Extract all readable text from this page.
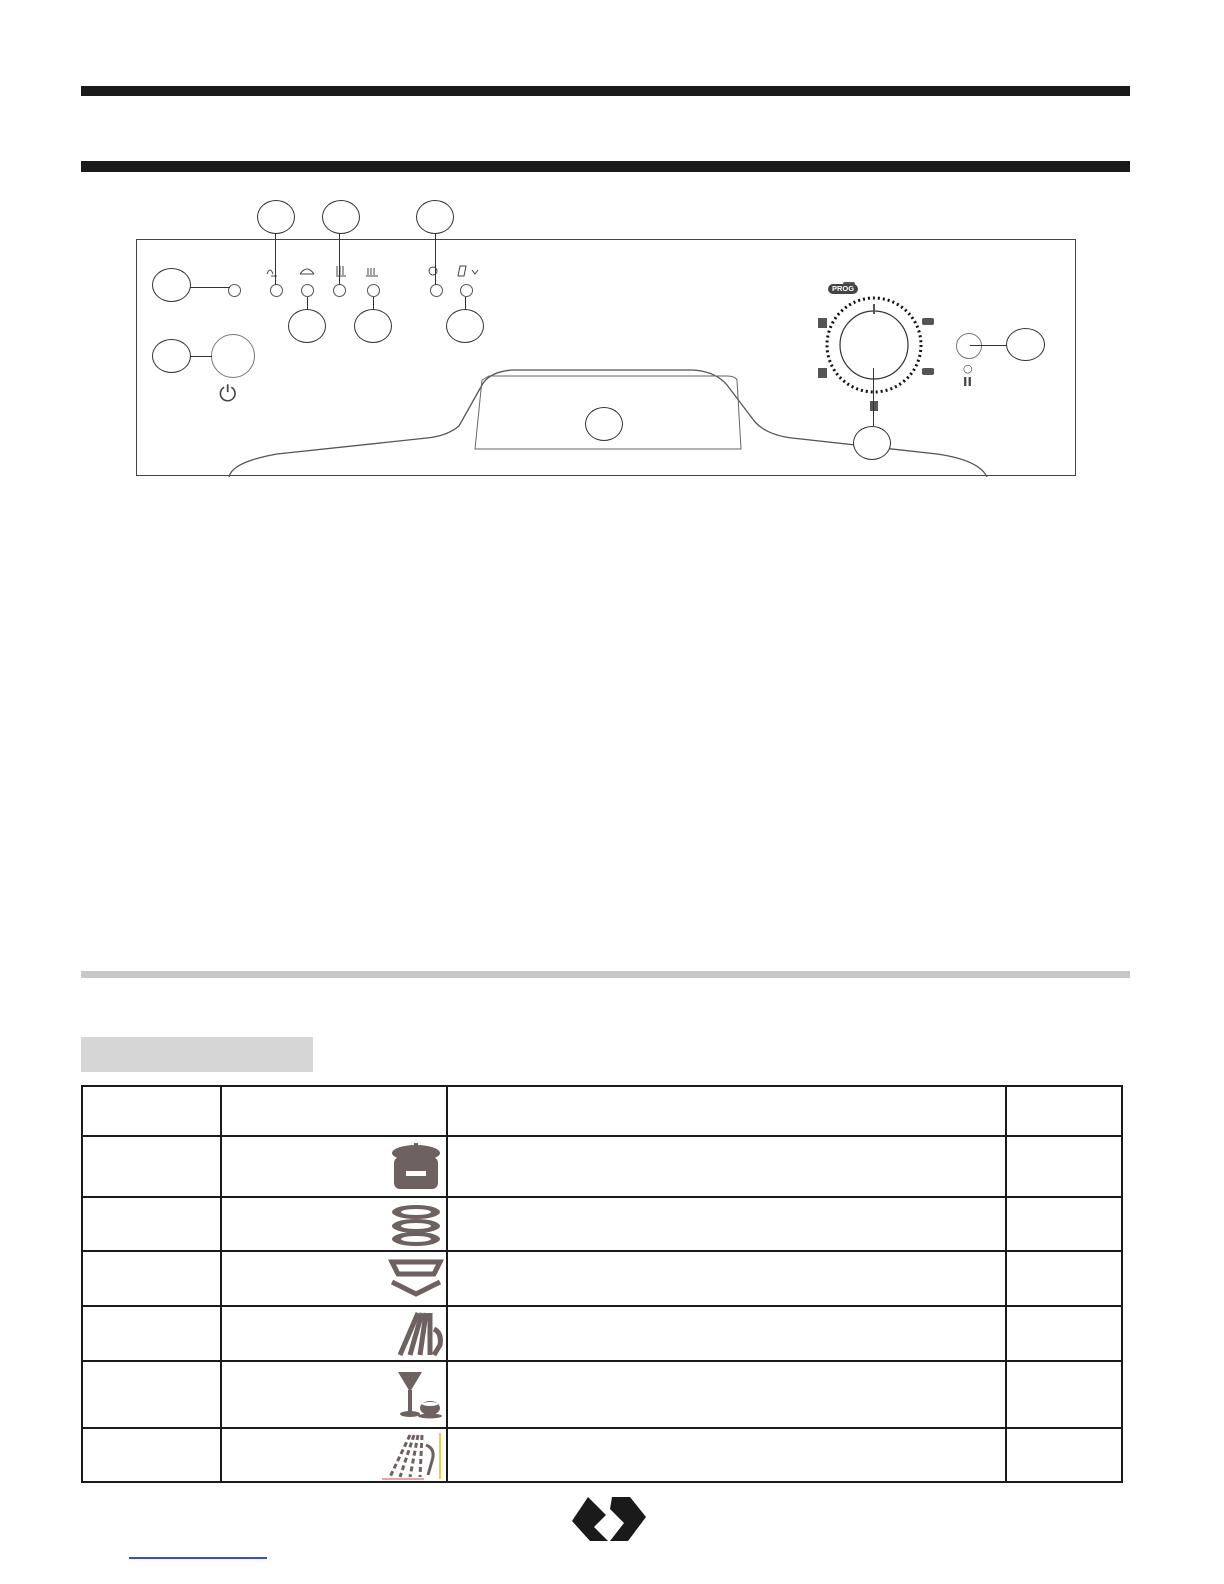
⏻
PROG
○
II
